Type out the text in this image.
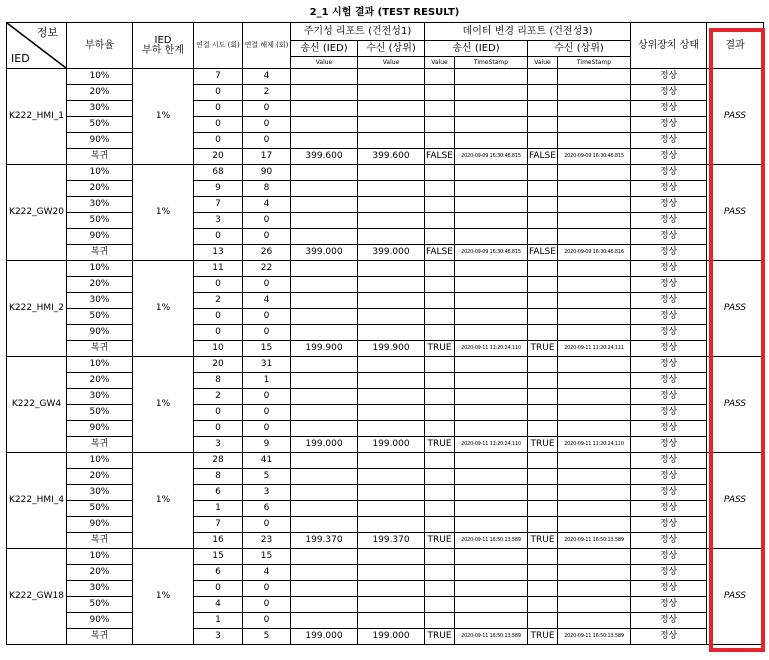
2_1 시험 결과 (TEST RESULT)
정보
IED	부하율	IED
부하 한계	연결 시도 (회)	연결 해제 (회)	주기성 리포트 (건전성1)		데이터 변경 리포트 (건전성3)				상위장치 상태	결과
					송신 (IED)	수신 (상위)	송신 (IED)		수신 (상위)			
					Value	Value	Value	TimeStamp	Value	TimeStamp		
K222_HMI_1	10%	1%	7	4							정상	PASS
	20%		0	2							정상	
	30%		0	0							정상	
	50%		0	0							정상	
	90%		0	0							정상	
	복귀		20	17	399.600	399.600	FALSE	2020-09-09 16:30:46.815	FALSE	2020-09-09 16:30:46.815	정상	
K222_GW20	10%	1%	68	90							정상	PASS
	20%		9	8							정상	
	30%		7	4							정상	
	50%		3	0							정상	
	90%		0	0							정상	
	복귀		13	26	399.000	399.000	FALSE	2020-09-09 16:30:46.815	FALSE	2020-09-09 16:30:46.816	정상	
K222_HMI_2	10%	1%	11	22							정상	PASS
	20%		0	0							정상	
	30%		2	4							정상	
	50%		0	0							정상	
	90%		0	0							정상	
	복귀		10	15	199.900	199.900	TRUE	2020-09-11 11:20:24.110	TRUE	2020-09-11 11:20:24.111	정상	
K222_GW4	10%	1%	20	31							정상	PASS
	20%		8	1							정상	
	30%		2	0							정상	
	50%		0	0							정상	
	90%		0	0							정상	
	복귀		3	9	199.000	199.000	TRUE	2020-09-11 11:20:24.110	TRUE	2020-09-11 11:20:24.110	정상	
K222_HMI_4	10%	1%	28	41							정상	PASS
	20%		8	5							정상	
	30%		6	3							정상	
	50%		1	6							정상	
	90%		7	0							정상	
	복귀		16	23	199.370	199.370	TRUE	2020-09-11 16:50:13.589	TRUE	2020-09-11 16:50:13.589	정상	
K222_GW18	10%	1%	15	15							정상	PASS
	20%		6	4							정상	
	30%		0	0							정상	
	50%		4	0							정상	
	90%		1	0							정상	
	복귀		3	5	199.000	199.000	TRUE	2020-09-11 16:50:13.589	TRUE	2020-09-11 16:50:13.589	정상	
